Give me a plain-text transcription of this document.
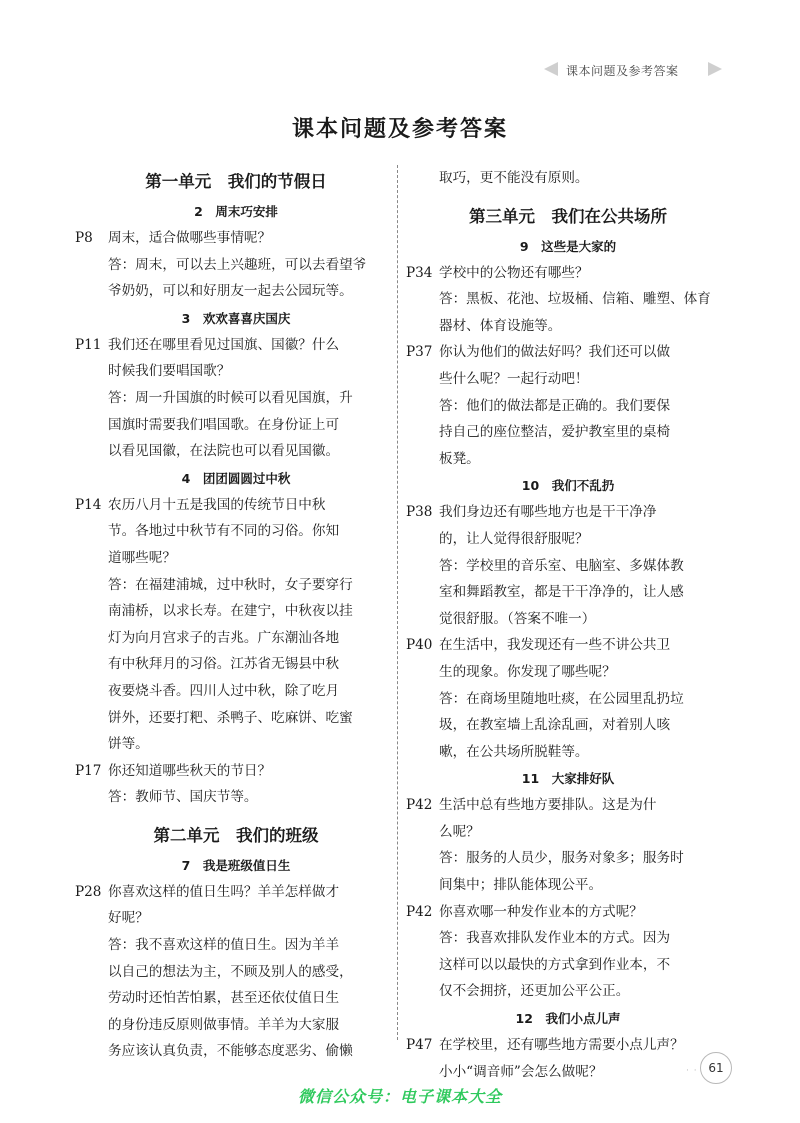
课本问题及参考答案
课本问题及参考答案
第一单元　我们的节假日
2　周末巧安排
P8	周末，适合做哪些事情呢？
答：周末，可以去上兴趣班，可以去看望爷
爷奶奶，可以和好朋友一起去公园玩等。
3　欢欢喜喜庆国庆
P11 我们还在哪里看见过国旗、国徽？什么
时候我们要唱国歌？
答：周一升国旗的时候可以看见国旗，升
国旗时需要我们唱国歌。在身份证上可
以看见国徽，在法院也可以看见国徽。
4　团团圆圆过中秋
P14 农历八月十五是我国的传统节日中秋
节。各地过中秋节有不同的习俗。你知
道哪些呢？
答：在福建浦城，过中秋时，女子要穿行
南浦桥，以求长寿。在建宁，中秋夜以挂
灯为向月宫求子的吉兆。广东潮汕各地
有中秋拜月的习俗。江苏省无锡县中秋
夜要烧斗香。四川人过中秋，除了吃月
饼外，还要打粑、杀鸭子、吃麻饼、吃蜜
饼等。
P17 你还知道哪些秋天的节日？
答：教师节、国庆节等。
第二单元　我们的班级
7　我是班级值日生
P28 你喜欢这样的值日生吗？羊羊怎样做才
好呢？
答：我不喜欢这样的值日生。因为羊羊
以自己的想法为主，不顾及别人的感受，
劳动时还怕苦怕累，甚至还依仗值日生
的身份违反原则做事情。羊羊为大家服
务应该认真负责，不能够态度恶劣、偷懒
取巧，更不能没有原则。
第三单元　我们在公共场所
9　这些是大家的
P34 学校中的公物还有哪些？
答：黑板、花池、垃圾桶、信箱、雕塑、体育
器材、体育设施等。
P37 你认为他们的做法好吗？我们还可以做
些什么呢？一起行动吧！
答：他们的做法都是正确的。我们要保
持自己的座位整洁，爱护教室里的桌椅
板凳。
10　我们不乱扔
P38 我们身边还有哪些地方也是干干净净
的，让人觉得很舒服呢？
答：学校里的音乐室、电脑室、多媒体教
室和舞蹈教室，都是干干净净的，让人感
觉很舒服。（答案不唯一）
P40 在生活中，我发现还有一些不讲公共卫
生的现象。你发现了哪些呢？
答：在商场里随地吐痰，在公园里乱扔垃
圾，在教室墙上乱涂乱画，对着别人咳
嗽，在公共场所脱鞋等。
11　大家排好队
P42 生活中总有些地方要排队。这是为什
么呢？
答：服务的人员少，服务对象多；服务时
间集中；排队能体现公平。
P42 你喜欢哪一种发作业本的方式呢？
答：我喜欢排队发作业本的方式。因为
这样可以以最快的方式拿到作业本，不
仅不会拥挤，还更加公平公正。
12　我们小点儿声
P47 在学校里，还有哪些地方需要小点儿声？
小小“调音师”会怎么做呢？	· · 61
微信公众号：电子课本大全
